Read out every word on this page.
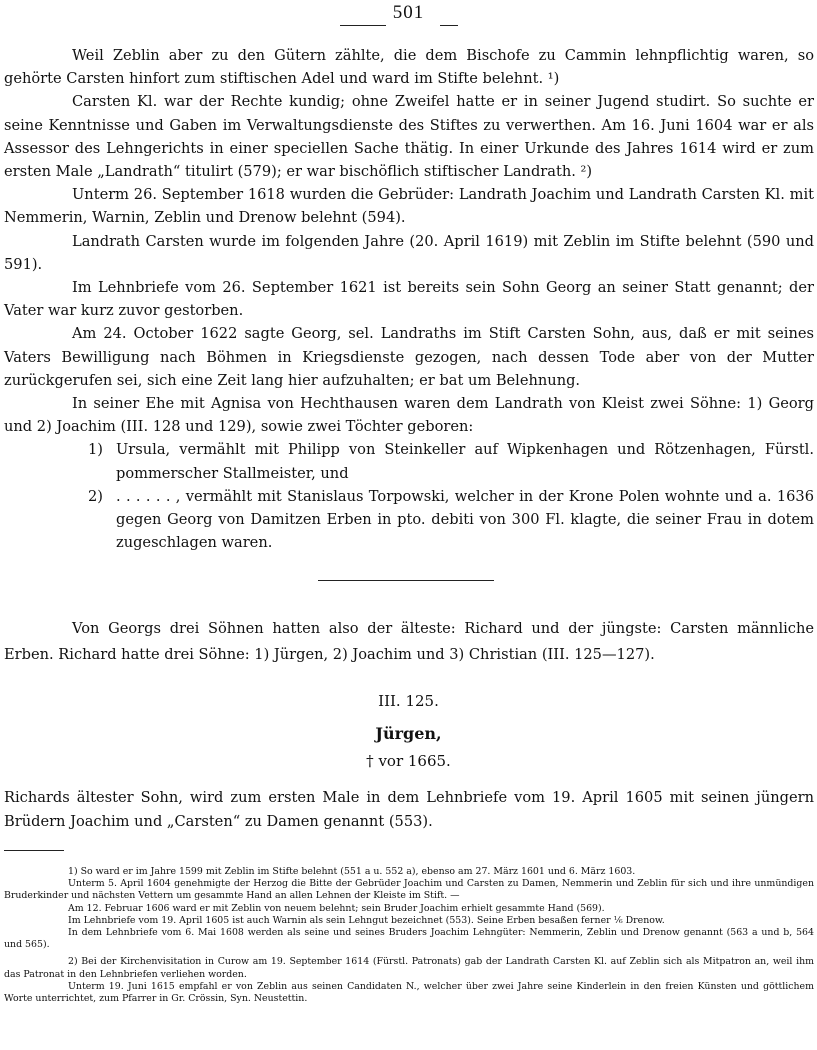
501

Weil Zeblin aber zu den Gütern zählte, die dem Bischofe zu Cammin lehnpflichtig waren, so gehörte Carsten hinfort zum stiftischen Adel und ward im Stifte belehnt. ¹)

Carsten Kl. war der Rechte kundig; ohne Zweifel hatte er in seiner Jugend studirt. So suchte er seine Kenntnisse und Gaben im Verwaltungsdienste des Stiftes zu verwerthen. Am 16. Juni 1604 war er als Assessor des Lehngerichts in einer speciellen Sache thätig. In einer Urkunde des Jahres 1614 wird er zum ersten Male „Landrath“ titulirt (579); er war bischöflich stiftischer Landrath. ²)

Unterm 26. September 1618 wurden die Gebrüder: Landrath Joachim und Landrath Carsten Kl. mit Nemmerin, Warnin, Zeblin und Drenow belehnt (594).

Landrath Carsten wurde im folgenden Jahre (20. April 1619) mit Zeblin im Stifte belehnt (590 und 591).

Im Lehnbriefe vom 26. September 1621 ist bereits sein Sohn Georg an seiner Statt genannt; der Vater war kurz zuvor gestorben.

Am 24. October 1622 sagte Georg, sel. Landraths im Stift Carsten Sohn, aus, daß er mit seines Vaters Bewilligung nach Böhmen in Kriegsdienste gezogen, nach dessen Tode aber von der Mutter zurückgerufen sei, sich eine Zeit lang hier aufzuhalten; er bat um Belehnung.

In seiner Ehe mit Agnisa von Hechthausen waren dem Landrath von Kleist zwei Söhne: 1) Georg und 2) Joachim (III. 128 und 129), sowie zwei Töchter geboren:

1) Ursula, vermählt mit Philipp von Steinkeller auf Wipkenhagen und Rötzenhagen, Fürstl. pommerscher Stallmeister, und

2) . . . . . . , vermählt mit Stanislaus Torpowski, welcher in der Krone Polen wohnte und a. 1636 gegen Georg von Damitzen Erben in pto. debiti von 300 Fl. klagte, die seiner Frau in dotem zugeschlagen waren.

Von Georgs drei Söhnen hatten also der älteste: Richard und der jüngste: Carsten männliche Erben. Richard hatte drei Söhne: 1) Jürgen, 2) Joachim und 3) Christian (III. 125—127).

III. 125.
Jürgen,
† vor 1665.

Richards ältester Sohn, wird zum ersten Male in dem Lehnbriefe vom 19. April 1605 mit seinen jüngern Brüdern Joachim und „Carsten“ zu Damen genannt (553).

1) So ward er im Jahre 1599 mit Zeblin im Stifte belehnt (551 a u. 552 a), ebenso am 27. März 1601 und 6. März 1603.

Unterm 5. April 1604 genehmigte der Herzog die Bitte der Gebrüder Joachim und Carsten zu Damen, Nemmerin und Zeblin für sich und ihre unmündigen Bruderkinder und nächsten Vettern um gesammte Hand an allen Lehnen der Kleiste im Stift. —

Am 12. Februar 1606 ward er mit Zeblin von neuem belehnt; sein Bruder Joachim erhielt gesammte Hand (569).

Im Lehnbriefe vom 19. April 1605 ist auch Warnin als sein Lehngut bezeichnet (553). Seine Erben besaßen ferner ⅙ Drenow.

In dem Lehnbriefe vom 6. Mai 1608 werden als seine und seines Bruders Joachim Lehngüter: Nemmerin, Zeblin und Drenow genannt (563 a und b, 564 und 565).

2) Bei der Kirchenvisitation in Curow am 19. September 1614 (Fürstl. Patronats) gab der Landrath Carsten Kl. auf Zeblin sich als Mitpatron an, weil ihm das Patronat in den Lehnbriefen verliehen worden.

Unterm 19. Juni 1615 empfahl er von Zeblin aus seinen Candidaten N., welcher über zwei Jahre seine Kinderlein in den freien Künsten und göttlichem Worte unterrichtet, zum Pfarrer in Gr. Crössin, Syn. Neustettin.
